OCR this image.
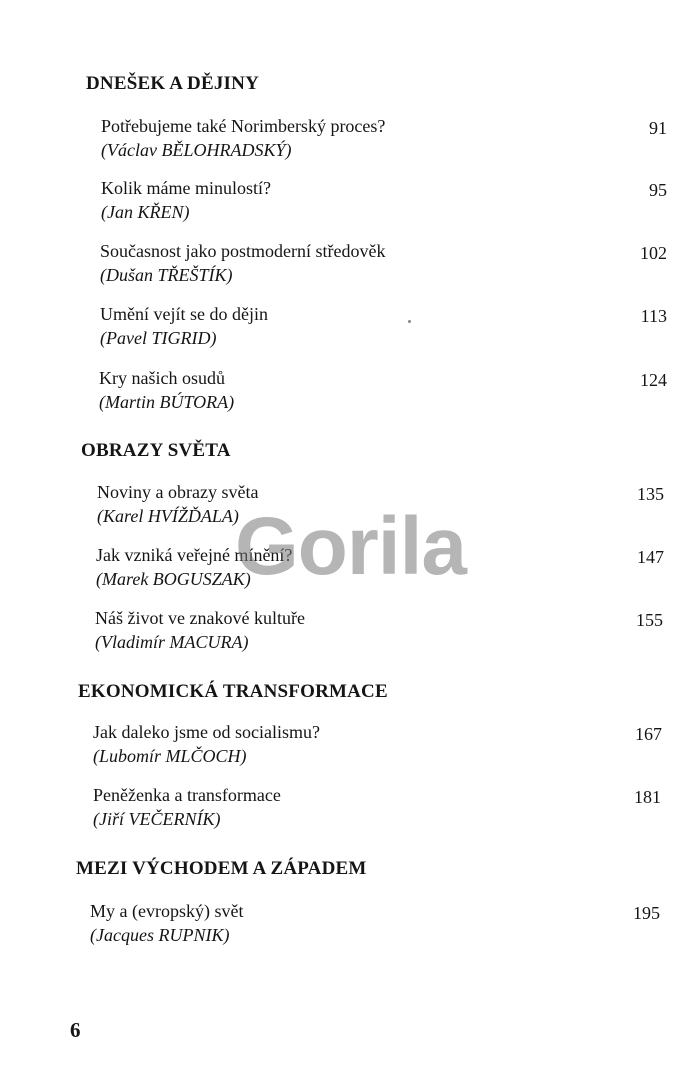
DNEŠEK A DĚJINY
Potřebujeme také Norimberský proces?
(Václav BĚLOHRADSKÝ)
91
Kolik máme minulostí?
(Jan KŘEN)
95
Současnost jako postmoderní středověk
(Dušan TŘEŠTÍK)
102
Umění vejít se do dějin
(Pavel TIGRID)
113
Kry našich osudů
(Martin BÚTORA)
124
OBRAZY SVĚTA
Noviny a obrazy světa
(Karel HVÍŽĎALA)
135
Jak vzniká veřejné mínění?
(Marek BOGUSZAK)
147
Náš život ve znakové kultuře
(Vladimír MACURA)
155
EKONOMICKÁ TRANSFORMACE
Jak daleko jsme od socialismu?
(Lubomír MLČOCH)
167
Peněženka a transformace
(Jiří VEČERNÍK)
181
MEZI VÝCHODEM A ZÁPADEM
My a (evropský) svět
(Jacques RUPNIK)
195
Gorila
6
